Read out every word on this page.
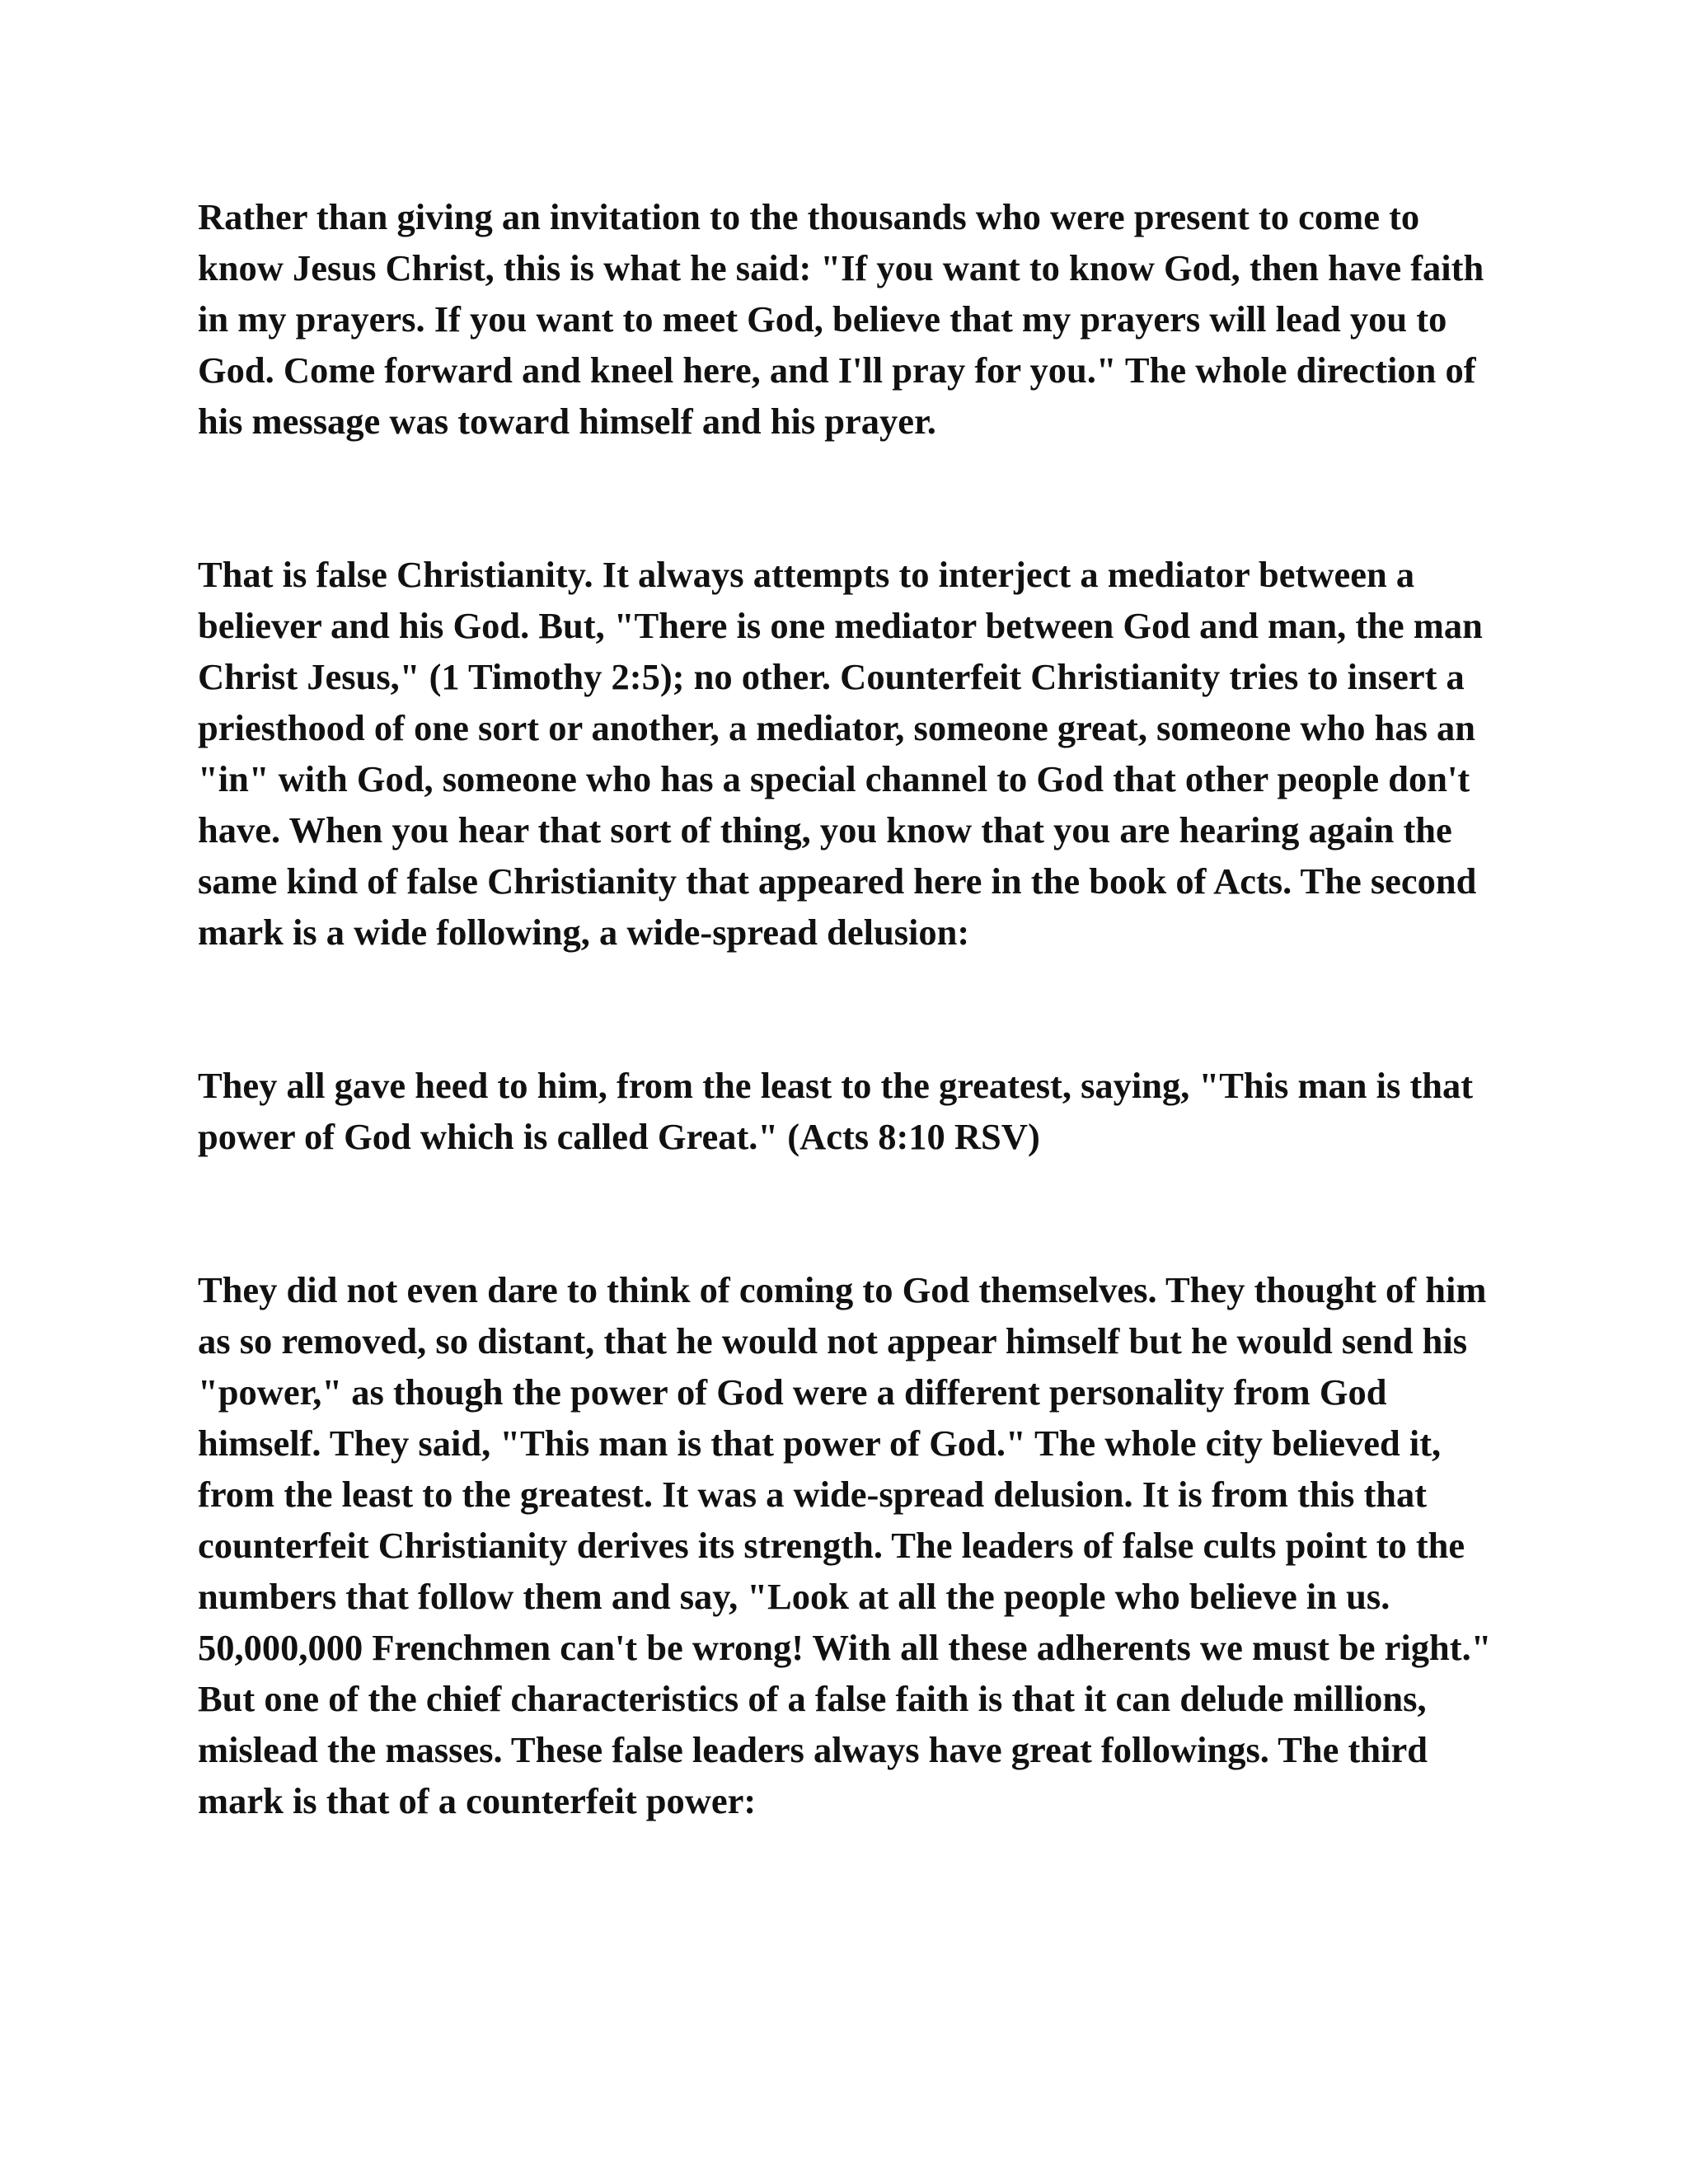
Rather than giving an invitation to the thousands who were present to come to know Jesus Christ, this is what he said: "If you want to know God, then have faith in my prayers. If you want to meet God, believe that my prayers will lead you to God. Come forward and kneel here, and I'll pray for you." The whole direction of his message was toward himself and his prayer.

That is false Christianity. It always attempts to interject a mediator between a believer and his God. But, "There is one mediator between God and man, the man Christ Jesus," (1 Timothy 2:5); no other. Counterfeit Christianity tries to insert a priesthood of one sort or another, a mediator, someone great, someone who has an "in" with God, someone who has a special channel to God that other people don't have. When you hear that sort of thing, you know that you are hearing again the same kind of false Christianity that appeared here in the book of Acts. The second mark is a wide following, a wide-spread delusion:

They all gave heed to him, from the least to the greatest, saying, "This man is that power of God which is called Great." (Acts 8:10 RSV)

They did not even dare to think of coming to God themselves. They thought of him as so removed, so distant, that he would not appear himself but he would send his "power," as though the power of God were a different personality from God himself. They said, "This man is that power of God." The whole city believed it, from the least to the greatest. It was a wide-spread delusion. It is from this that counterfeit Christianity derives its strength. The leaders of false cults point to the numbers that follow them and say, "Look at all the people who believe in us. 50,000,000 Frenchmen can't be wrong! With all these adherents we must be right." But one of the chief characteristics of a false faith is that it can delude millions, mislead the masses. These false leaders always have great followings. The third mark is that of a counterfeit power:
